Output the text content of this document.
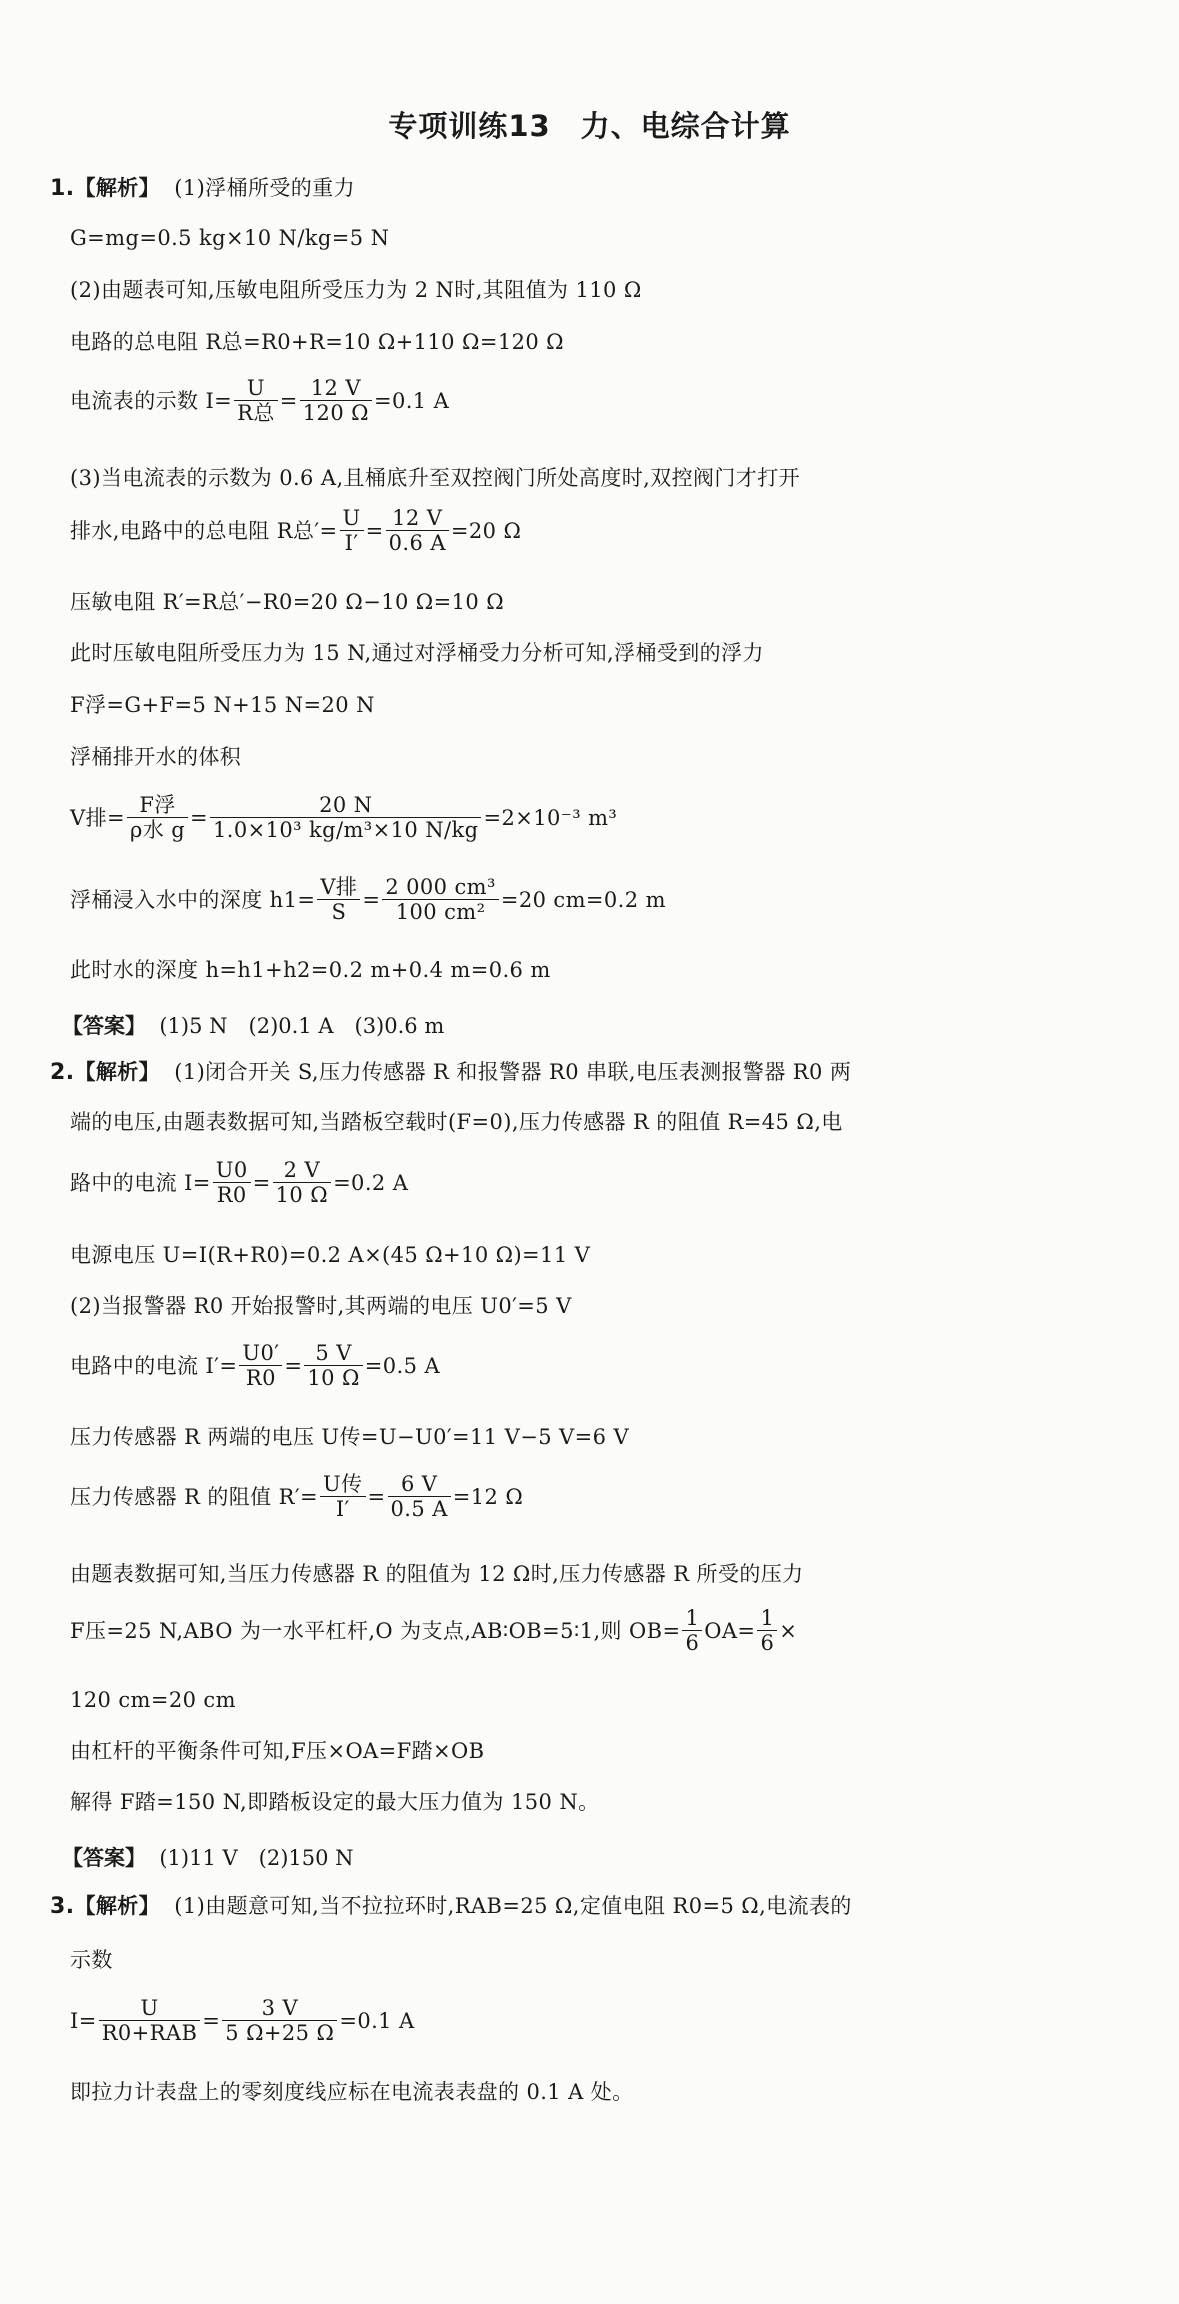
专项训练13　力、电综合计算
1.【解析】 (1)浮桶所受的重力
G=mg=0.5 kg×10 N/kg=5 N
(2)由题表可知,压敏电阻所受压力为 2 N时,其阻值为 110 Ω
电路的总电阻 R总=R0+R=10 Ω+110 Ω=120 Ω
电流表的示数 $I= \frac{U}{\text{R总}} = \frac{12 V}{120 \Omega} =0.1$ A
(3)当电流表的示数为 0.6 A,且桶底升至双控阀门所处高度时,双控阀门才打开
排水,电路中的总电阻 R总′= $\frac{U}{I'} = \frac{12 V}{0.6 A} =20$ Ω
压敏电阻 R′=R总′−R0=20 Ω−10 Ω=10 Ω
此时压敏电阻所受压力为 15 N,通过对浮桶受力分析可知,浮桶受到的浮力
F浮=G+F=5 N+15 N=20 N
浮桶排开水的体积
V排= $\frac{\text{F浮}}{\text{ρ水 g}} = \frac{20 N}{\text{1.0×10³ kg/m³×10 N/kg}} =2\times 10^{-3}$ m³
浮桶浸入水中的深度 $h1= \frac{\text{V排}}{S} = \frac{\text{2 000 cm³}}{\text{100 cm²}} =20$ cm=0.2 m
此时水的深度 h=h1+h2=0.2 m+0.4 m=0.6 m
【答案】 (1)5 N　(2)0.1 A　(3)0.6 m
2.【解析】 (1)闭合开关 S,压力传感器 R 和报警器 R0 串联,电压表测报警器 R0 两
端的电压,由题表数据可知,当踏板空载时(F=0),压力传感器 R 的阻值 R=45 Ω,电
路中的电流 $I= \frac{U0}{R0} = \frac{2 V}{10 \Omega} =0.2$ A
电源电压 U=I(R+R0)=0.2 A×(45 Ω+10 Ω)=11 V
(2)当报警器 R0 开始报警时,其两端的电压 U0′=5 V
电路中的电流 $I'= \frac{U0'}{R0} = \frac{5 V}{10 \Omega} =0.5$ A
压力传感器 R 两端的电压 U传=U−U0′=11 V−5 V=6 V
压力传感器 R 的阻值 $R'= \frac{\text{U传}}{I'} = \frac{6 V}{0.5 A} =12$ Ω
由题表数据可知,当压力传感器 R 的阻值为 12 Ω时,压力传感器 R 所受的压力
F压=25 N,ABO 为一水平杠杆,O 为支点,AB∶OB=5∶1,则 $OB= \frac{1}{6} OA= \frac{1}{6}$ ×
120 cm=20 cm
由杠杆的平衡条件可知,F压×OA=F踏×OB
解得 F踏=150 N,即踏板设定的最大压力值为 150 N。
【答案】 (1)11 V　(2)150 N
3.【解析】 (1)由题意可知,当不拉拉环时,RAB=25 Ω,定值电阻 R0=5 Ω,电流表的
示数
$I= \frac{U}{\text{R0+RAB}} = \frac{3 V}{5 \Omega+25 \Omega} =0.1$ A
即拉力计表盘上的零刻度线应标在电流表表盘的 0.1 A 处。
